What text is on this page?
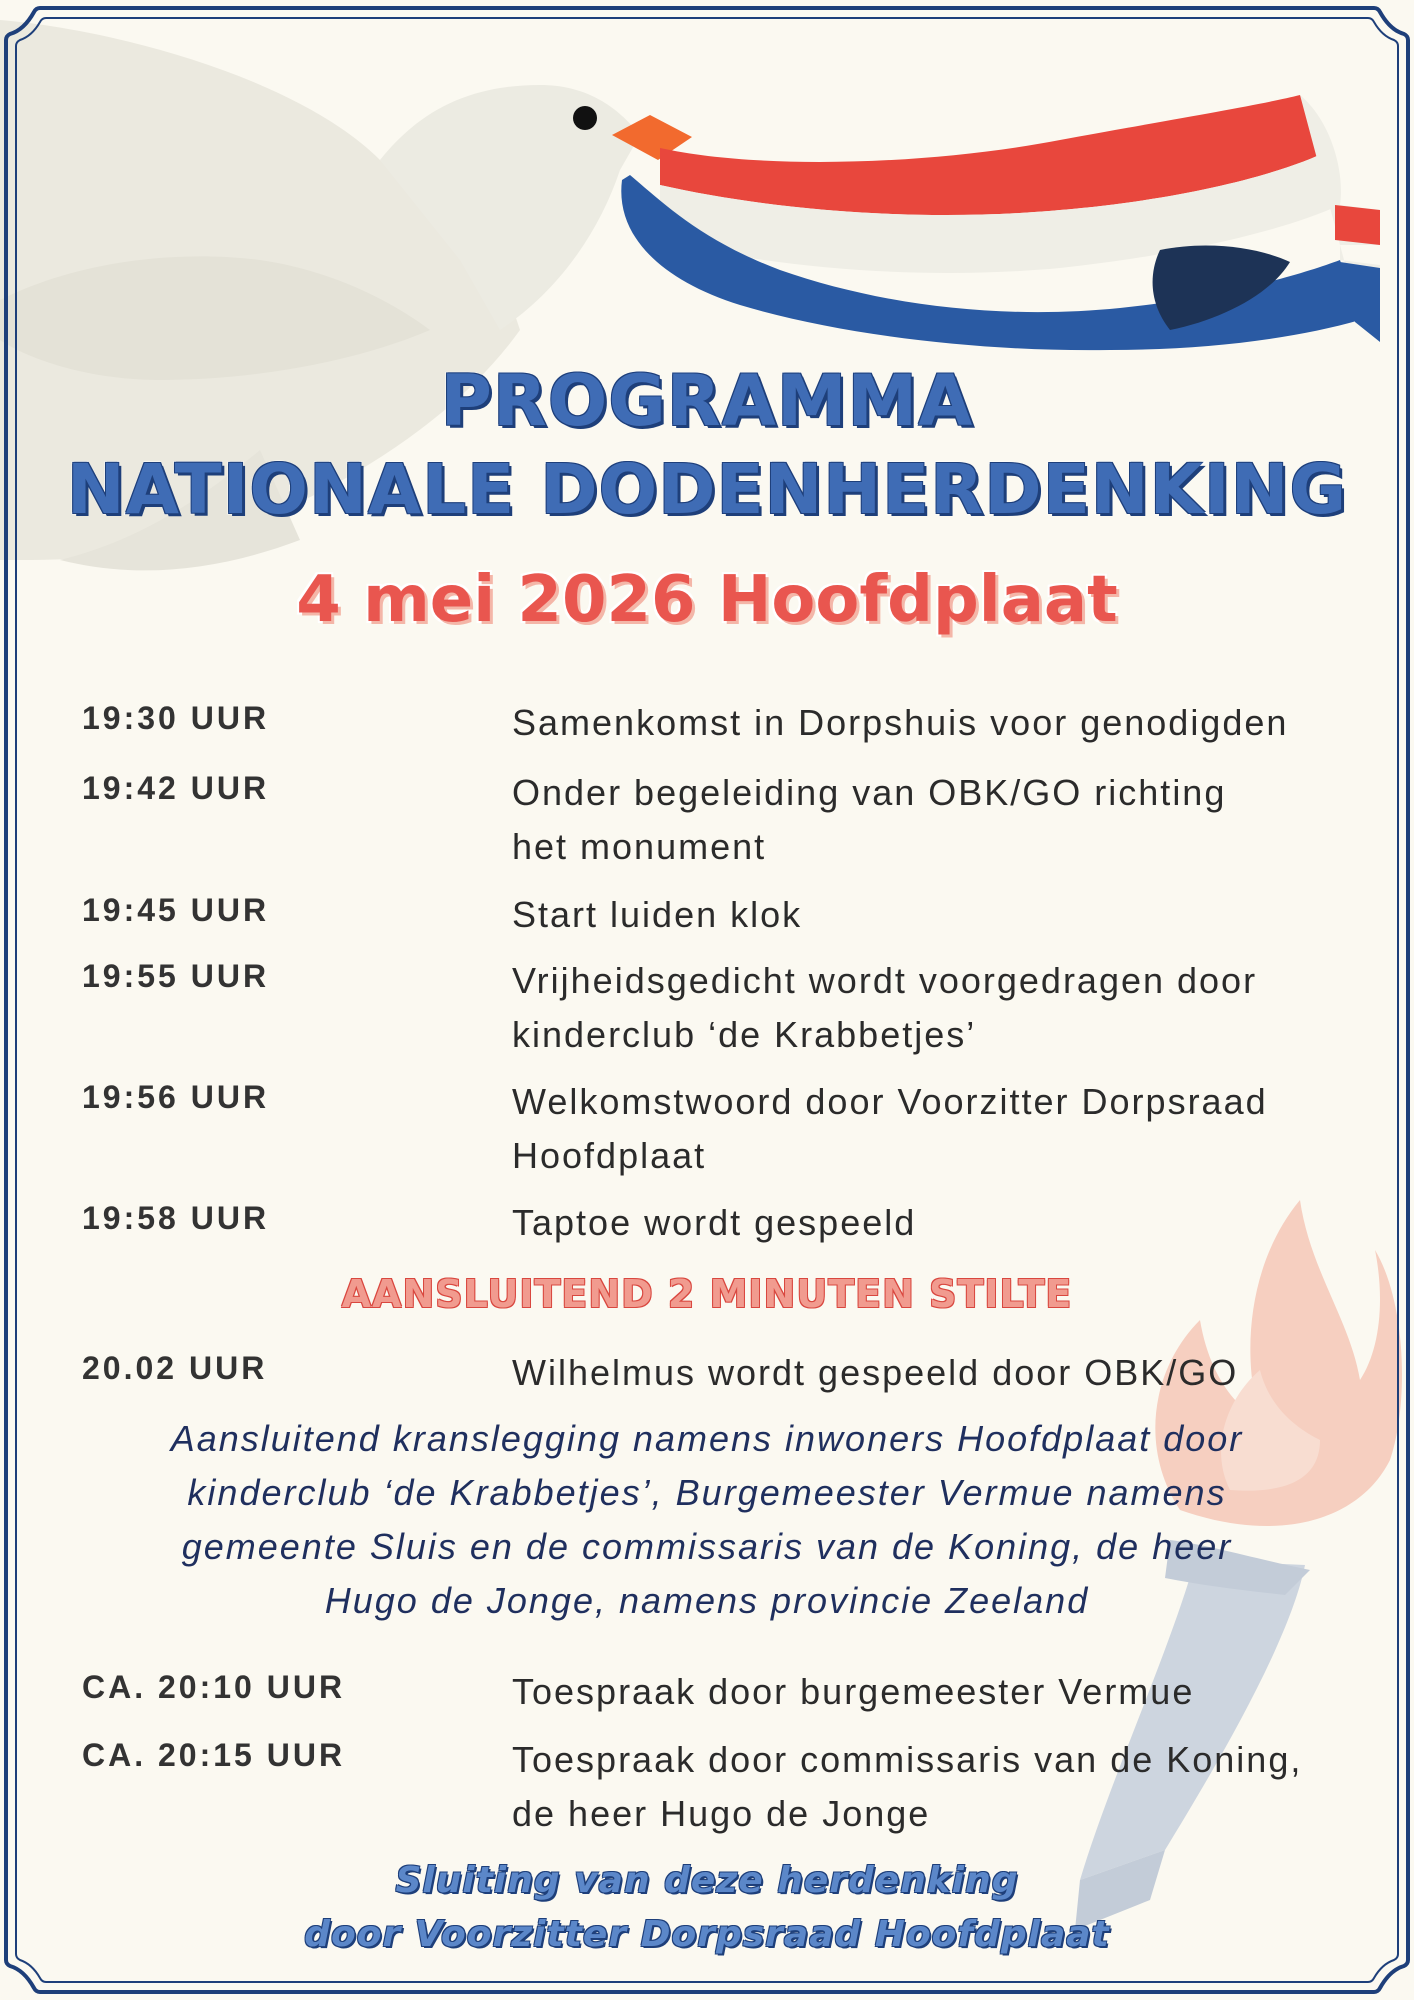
PROGRAMMA
NATIONALE DODENHERDENKING
4 mei 2026 Hoofdplaat
19:30 UUR	Samenkomst in Dorpshuis voor genodigden
19:42 UUR	Onder begeleiding van OBK/GO richting
het monument
19:45 UUR	Start luiden klok
19:55 UUR	Vrijheidsgedicht wordt voorgedragen door
kinderclub ‘de Krabbetjes’
19:56 UUR	Welkomstwoord door Voorzitter Dorpsraad
Hoofdplaat
19:58 UUR	Taptoe wordt gespeeld
AANSLUITEND 2 MINUTEN STILTE
20.02 UUR	Wilhelmus wordt gespeeld door OBK/GO
Aansluitend kranslegging namens inwoners Hoofdplaat door
kinderclub ‘de Krabbetjes’, Burgemeester Vermue namens
gemeente Sluis en de commissaris van de Koning, de heer
Hugo de Jonge, namens provincie Zeeland
CA. 20:10 UUR	Toespraak door burgemeester Vermue
CA. 20:15 UUR	Toespraak door commissaris van de Koning,
de heer Hugo de Jonge
Sluiting van deze herdenking
door Voorzitter Dorpsraad Hoofdplaat
